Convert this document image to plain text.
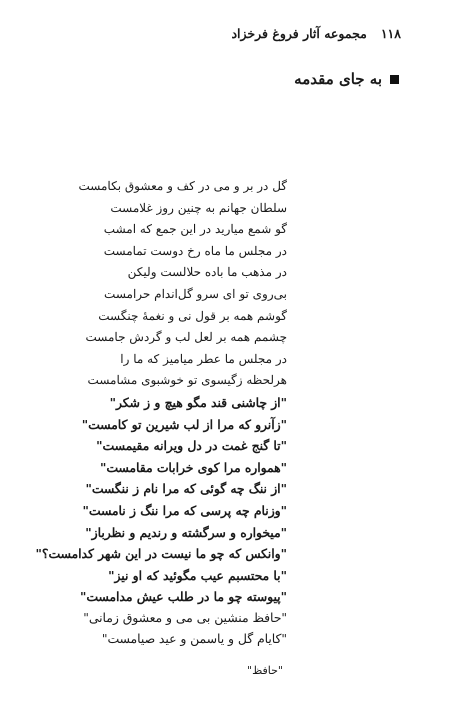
۱۱۸
مجموعه آثار فروغ فرخزاد
به جای مقدمه
گل در بر و می در کف و معشوق بکامست
سلطان جهانم به چنین روز غلامست
گو شمع میارید در این جمع که امشب
در مجلس ما ماه رخ دوست تمامست
در مذهب ما باده حلالست ولیکن
بی‌روی تو ای سرو گل‌اندام حرامست
گوشم همه بر قول نی و نغمهٔ چنگست
چشمم همه بر لعل لب و گردش جامست
در مجلس ما عطر میامیز که ما را
هرلحظه زگیسوی تو خوشبوی مشامست
"از چاشنی قند مگو هیچ و ز شکر"
"زآنرو که مرا از لب شیرین تو کامست"
"تا گنج غمت در دل ویرانه مقیمست"
"همواره مرا کوی خرابات مقامست"
"از ننگ چه گوئی که مرا نام ز ننگست"
"وزنام چه پرسی که مرا ننگ ز نامست"
"میخواره و سرگشته و رندیم و نظرباز"
"وانکس که چو ما نیست در این شهر کدامست؟"
"با محتسبم عیب مگوئید که او نیز"
"پیوسته چو ما در طلب عیش مدامست"
"حافظ منشین بی می و معشوق زمانی"
"کایام گل و یاسمن و عید صیامست"
"حافظ"
